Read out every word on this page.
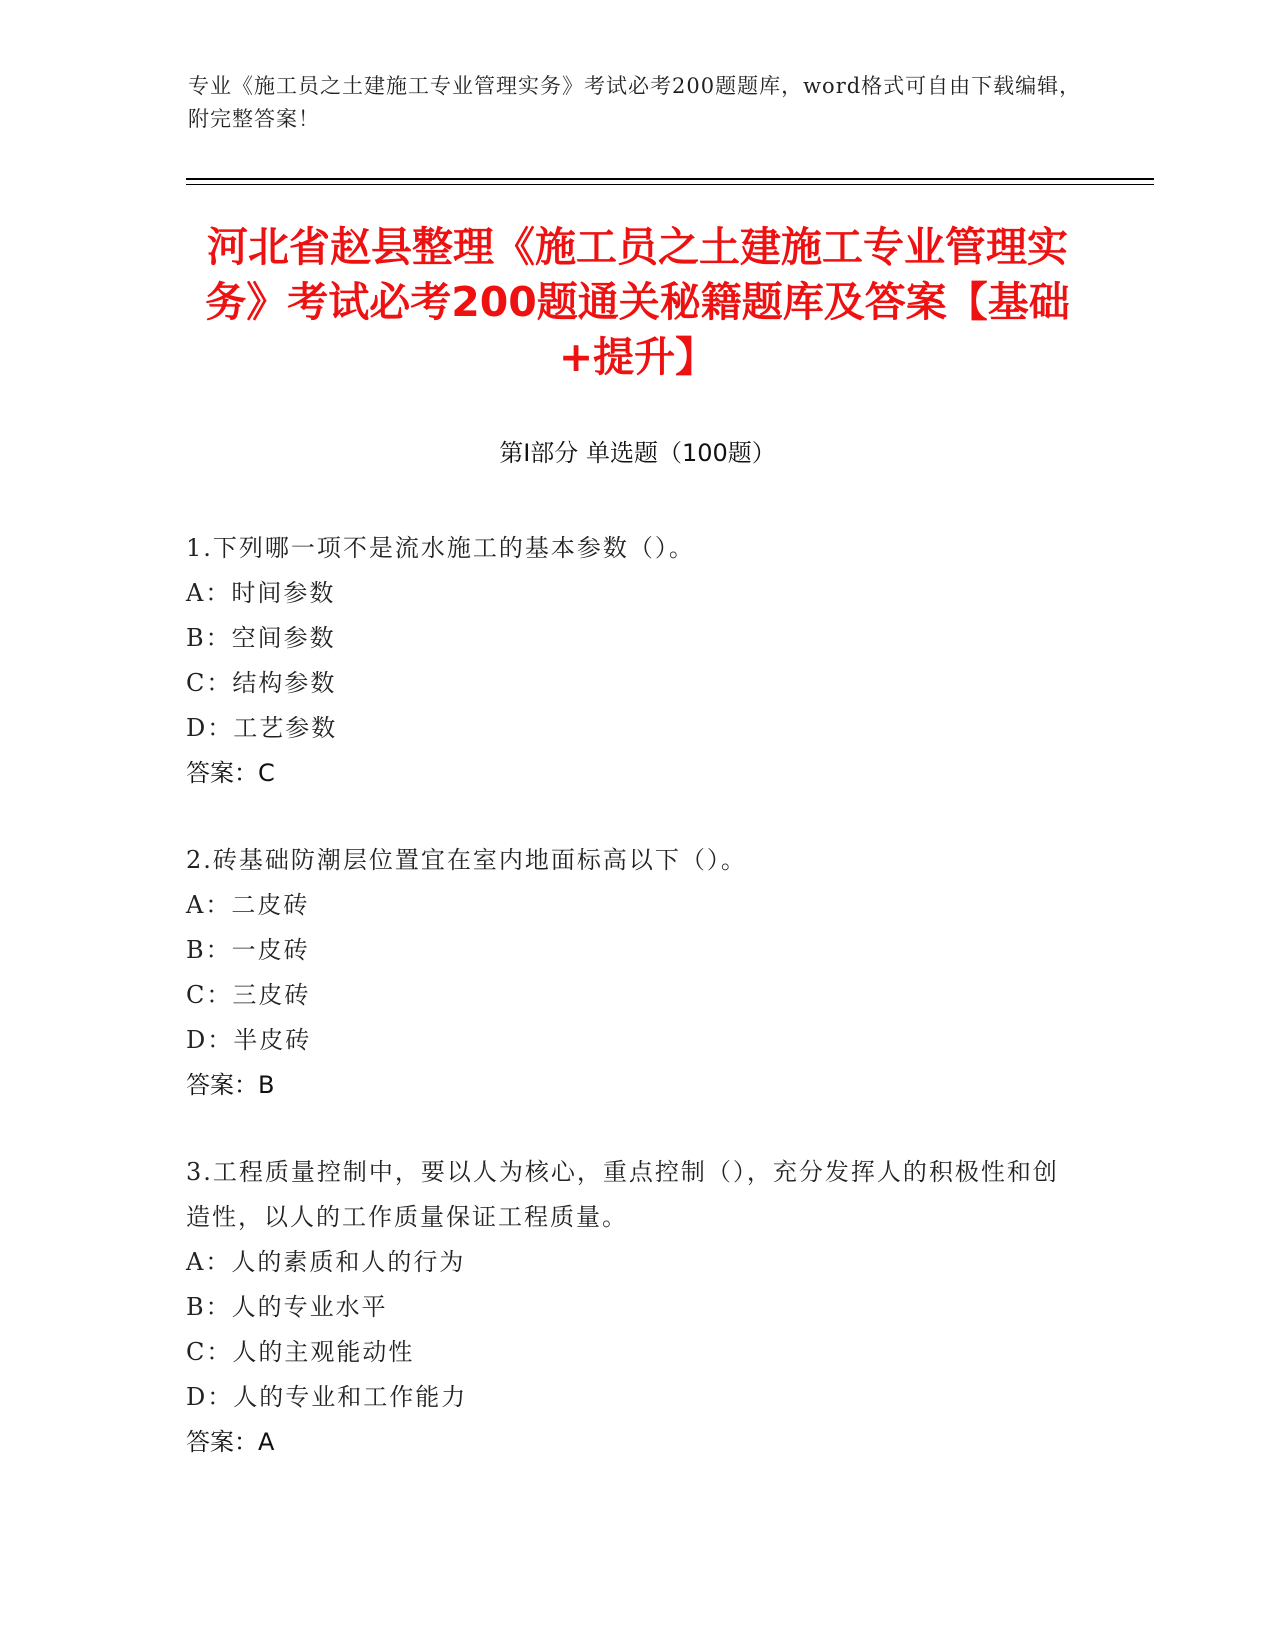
专业《施工员之土建施工专业管理实务》考试必考200题题库，word格式可自由下载编辑，附完整答案！
河北省赵县整理《施工员之土建施工专业管理实务》考试必考200题通关秘籍题库及答案【基础+提升】
第I部分 单选题（100题）
1.下列哪一项不是流水施工的基本参数（）。
A：时间参数
B：空间参数
C：结构参数
D：工艺参数
答案：C
2.砖基础防潮层位置宜在室内地面标高以下（）。
A：二皮砖
B：一皮砖
C：三皮砖
D：半皮砖
答案：B
3.工程质量控制中，要以人为核心，重点控制（），充分发挥人的积极性和创造性，以人的工作质量保证工程质量。
A：人的素质和人的行为
B：人的专业水平
C：人的主观能动性
D：人的专业和工作能力
答案：A
